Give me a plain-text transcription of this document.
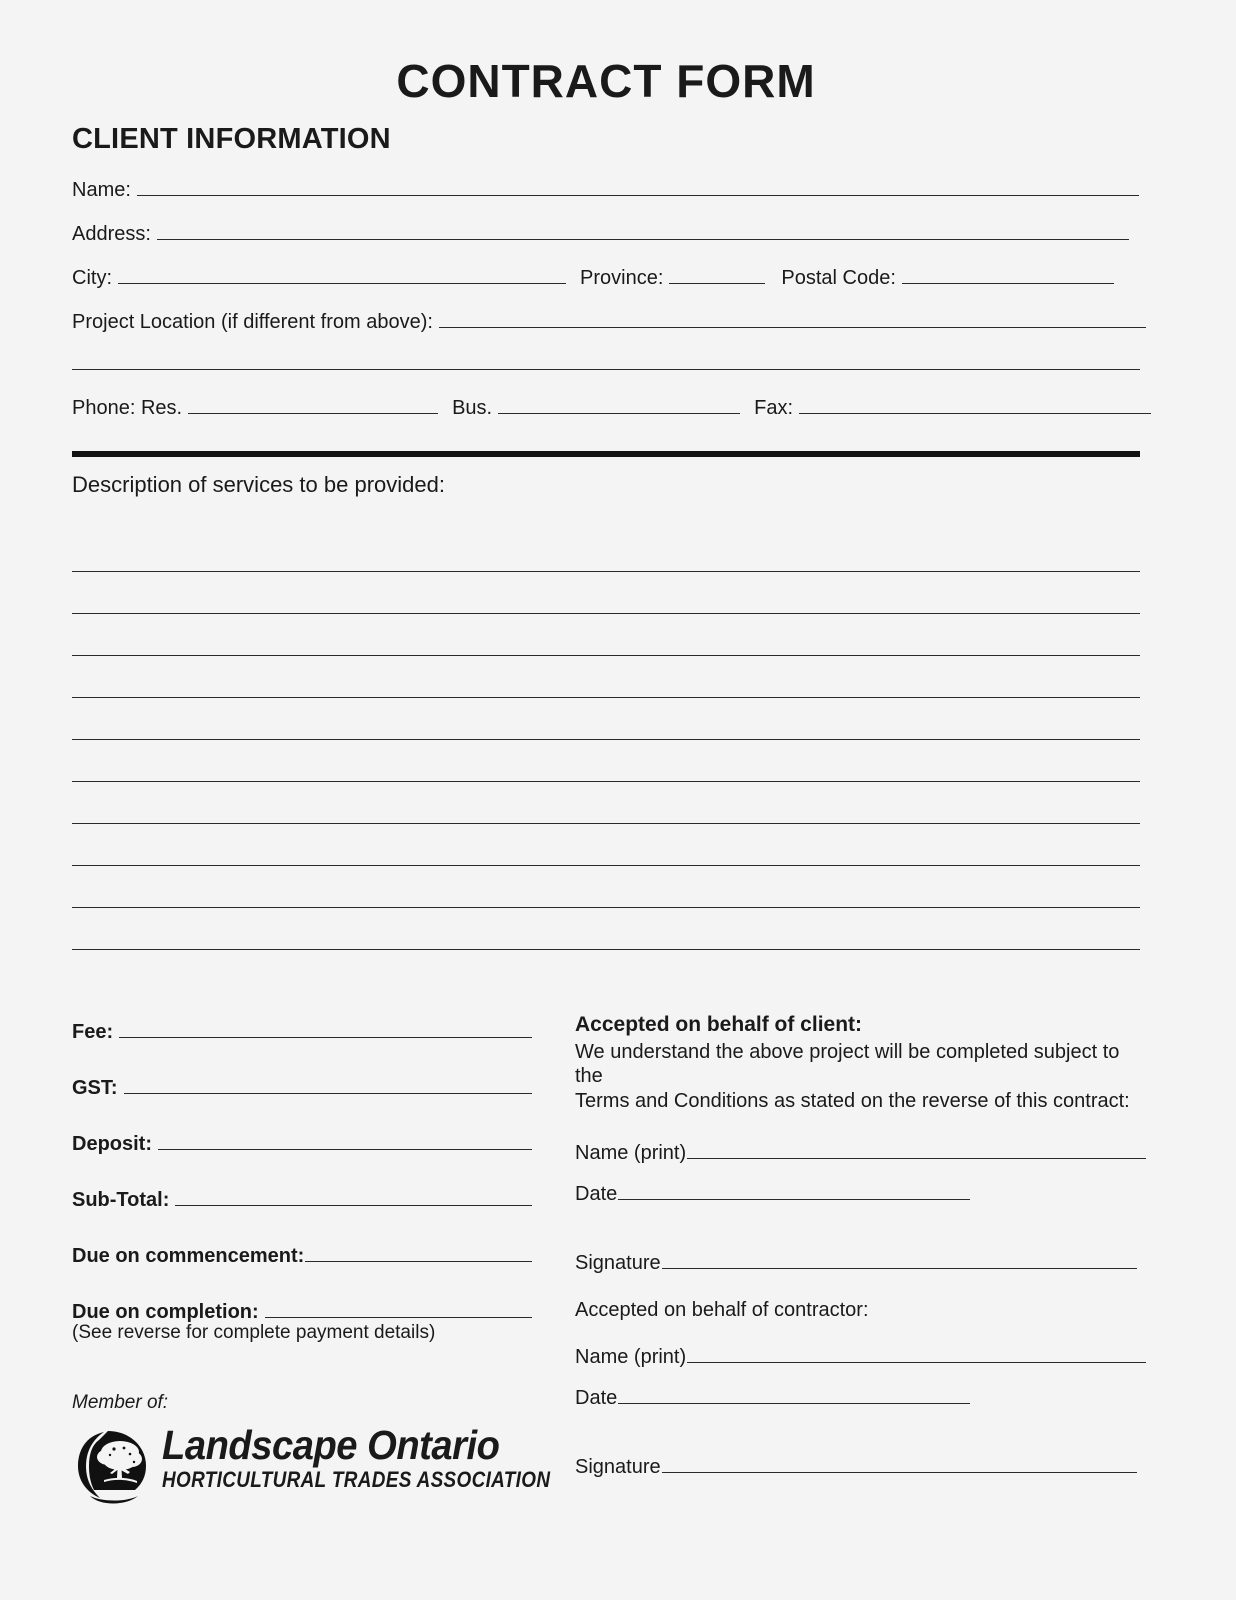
CONTRACT FORM
CLIENT INFORMATION
Name:
Address:
City:	Province:	Postal Code:
Project Location (if different from above):
Phone: Res.	Bus.	Fax:
Description of services to be provided:
Fee:
GST:
Deposit:
Sub-Total:
Due on commencement:
Due on completion:
(See reverse for complete payment details)
Member of:
Landscape Ontario
HORTICULTURAL TRADES ASSOCIATION
Accepted on behalf of client:
We understand the above project will be completed subject to the
Terms and Conditions as stated on the reverse of this contract:
Name (print)
Date
Signature
Accepted on behalf of contractor:
Name (print)
Date
Signature
